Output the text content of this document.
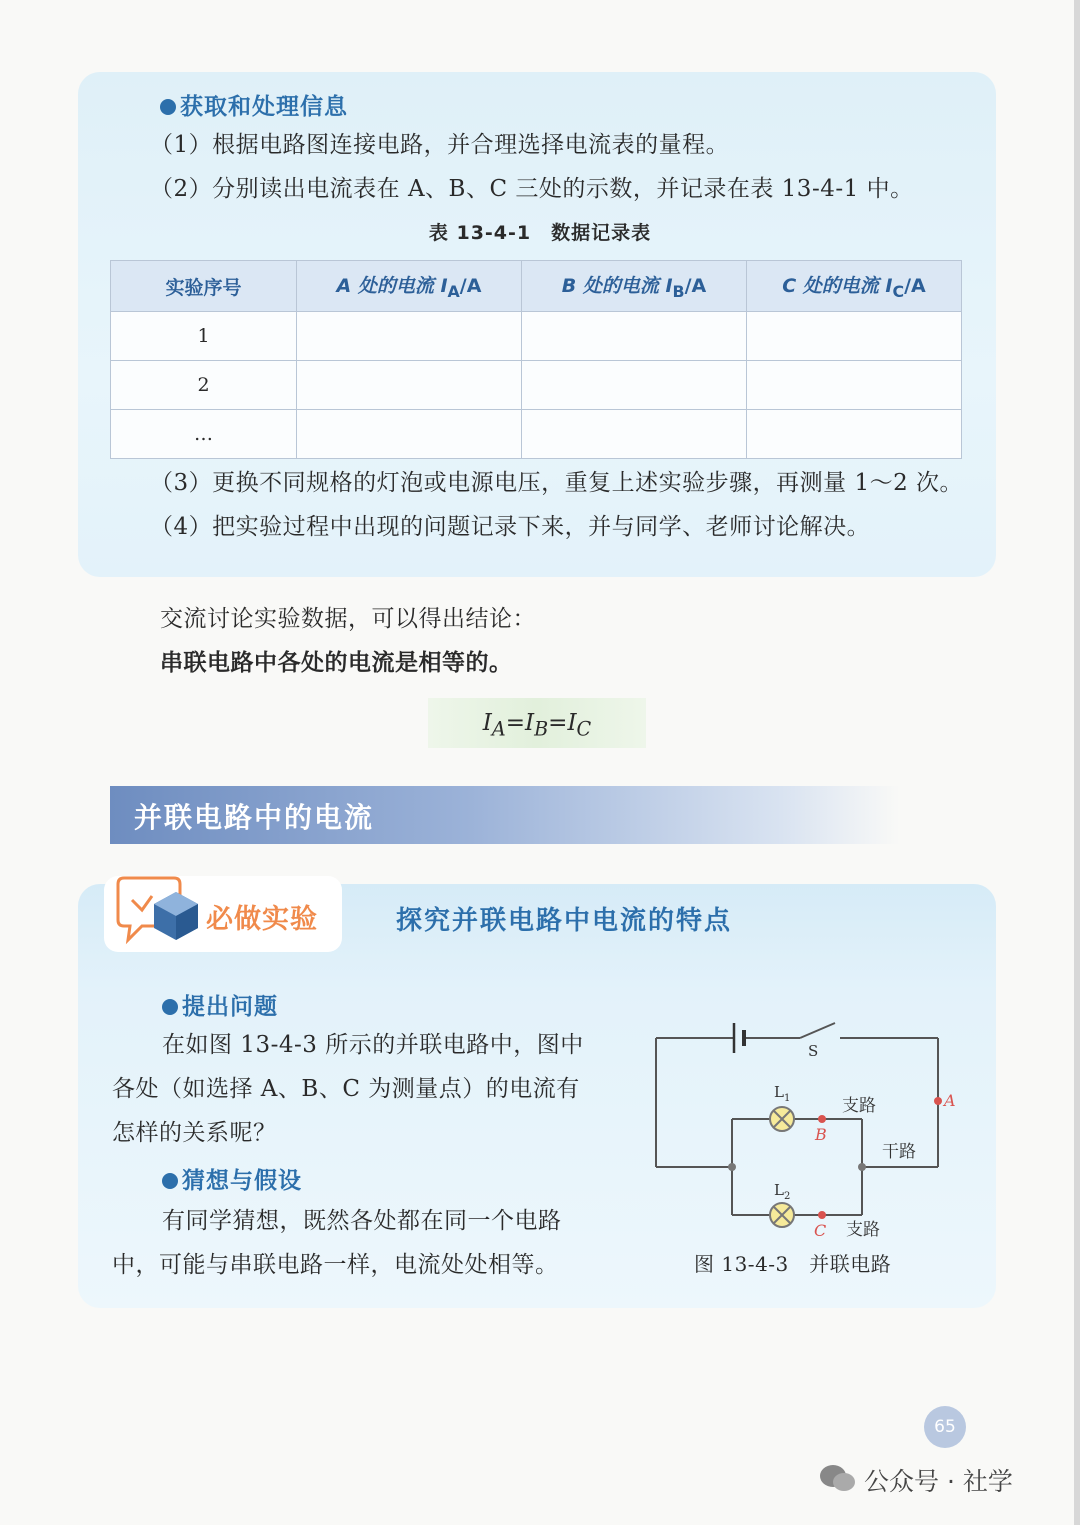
获取和处理信息
（1）根据电路图连接电路，并合理选择电流表的量程。
（2）分别读出电流表在 A、B、C 三处的示数，并记录在表 13-4-1 中。
表 13-4-1　数据记录表
实验序号	A 处的电流 $I_A/A$	B 处的电流 $I_B/A$	C 处的电流 $I_C/A$
1			
2			
…			
（3）更换不同规格的灯泡或电源电压，重复上述实验步骤，再测量 1～2 次。
（4）把实验过程中出现的问题记录下来，并与同学、老师讨论解决。
交流讨论实验数据，可以得出结论：
串联电路中各处的电流是相等的。
$I_A=I_B=I_C$
并联电路中的电流
必做实验	探究并联电路中电流的特点
提出问题
在如图 13-4-3 所示的并联电路中，图中
各处（如选择 A、B、C 为测量点）的电流有
怎样的关系呢？
猜想与假设
有同学猜想，既然各处都在同一个电路
中，可能与串联电路一样，电流处处相等。
S
$L_1$
$L_2$
B
C
A
支路
支路
干路
图 13-4-3　并联电路
65
公众号 · 社学
